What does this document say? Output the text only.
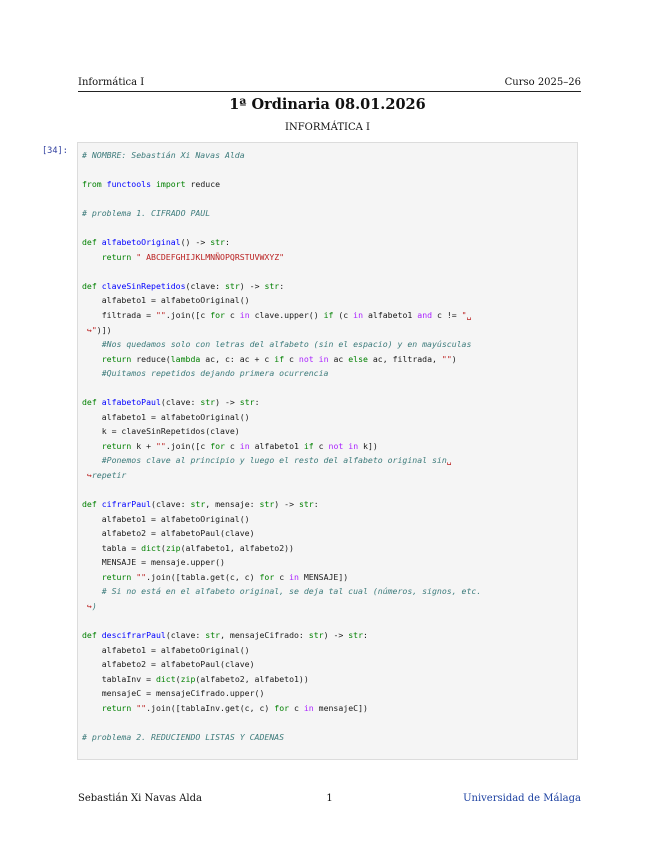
Informática I	Curso 2025–26
1ª Ordinaria 08.01.2026
INFORMÁTICA I
[34]: # NOMBRE: Sebastián Xi Navas Alda
from functools import reduce
# problema 1. CIFRADO PAUL
def alfabetoOriginal() -> str:
return " ABCDEFGHIJKLMNÑOPQRSTUVWXYZ"
def claveSinRepetidos(clave: str) -> str:
alfabeto1 = alfabetoOriginal()
filtrada = "".join([c for c in clave.upper() if (c in alfabeto1 and c != "␣
↪")])
#Nos quedamos solo con letras del alfabeto (sin el espacio) y en mayúsculas
return reduce(lambda ac, c: ac + c if c not in ac else ac, filtrada, "")
#Quitamos repetidos dejando primera ocurrencia
def alfabetoPaul(clave: str) -> str:
alfabeto1 = alfabetoOriginal()
k = claveSinRepetidos(clave)
return k + "".join([c for c in alfabeto1 if c not in k])
#Ponemos clave al principio y luego el resto del alfabeto original sin␣
↪repetir
def cifrarPaul(clave: str, mensaje: str) -> str:
alfabeto1 = alfabetoOriginal()
alfabeto2 = alfabetoPaul(clave)
tabla = dict(zip(alfabeto1, alfabeto2))
MENSAJE = mensaje.upper()
return "".join([tabla.get(c, c) for c in MENSAJE])
# Si no está en el alfabeto original, se deja tal cual (números, signos, etc.
↪)
def descifrarPaul(clave: str, mensajeCifrado: str) -> str:
alfabeto1 = alfabetoOriginal()
alfabeto2 = alfabetoPaul(clave)
tablaInv = dict(zip(alfabeto2, alfabeto1))
mensajeC = mensajeCifrado.upper()
return "".join([tablaInv.get(c, c) for c in mensajeC])
# problema 2. REDUCIENDO LISTAS Y CADENAS
Sebastián Xi Navas Alda	1	Universidad de Málaga
